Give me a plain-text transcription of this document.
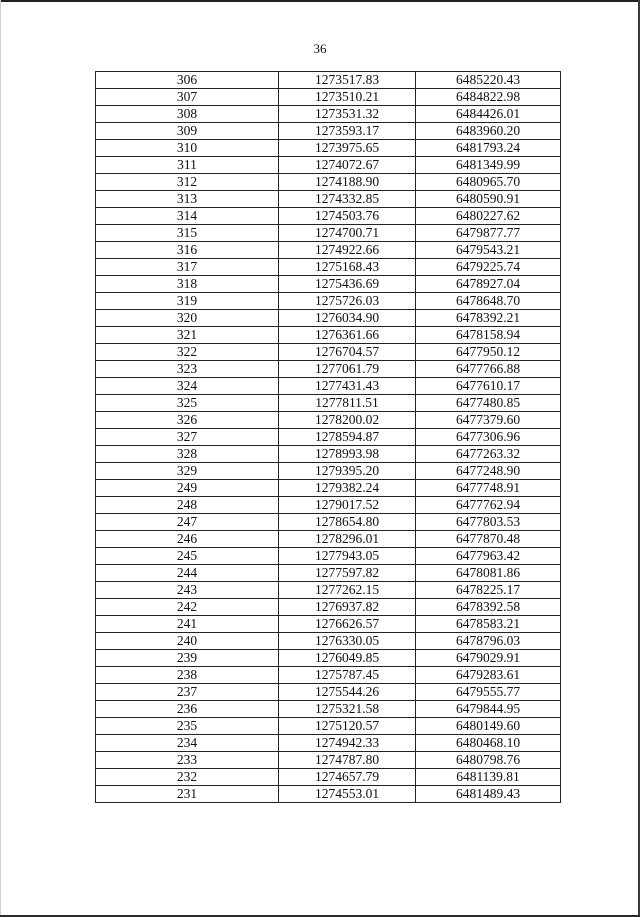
36
306	1273517.83	6485220.43
307	1273510.21	6484822.98
308	1273531.32	6484426.01
309	1273593.17	6483960.20
310	1273975.65	6481793.24
311	1274072.67	6481349.99
312	1274188.90	6480965.70
313	1274332.85	6480590.91
314	1274503.76	6480227.62
315	1274700.71	6479877.77
316	1274922.66	6479543.21
317	1275168.43	6479225.74
318	1275436.69	6478927.04
319	1275726.03	6478648.70
320	1276034.90	6478392.21
321	1276361.66	6478158.94
322	1276704.57	6477950.12
323	1277061.79	6477766.88
324	1277431.43	6477610.17
325	1277811.51	6477480.85
326	1278200.02	6477379.60
327	1278594.87	6477306.96
328	1278993.98	6477263.32
329	1279395.20	6477248.90
249	1279382.24	6477748.91
248	1279017.52	6477762.94
247	1278654.80	6477803.53
246	1278296.01	6477870.48
245	1277943.05	6477963.42
244	1277597.82	6478081.86
243	1277262.15	6478225.17
242	1276937.82	6478392.58
241	1276626.57	6478583.21
240	1276330.05	6478796.03
239	1276049.85	6479029.91
238	1275787.45	6479283.61
237	1275544.26	6479555.77
236	1275321.58	6479844.95
235	1275120.57	6480149.60
234	1274942.33	6480468.10
233	1274787.80	6480798.76
232	1274657.79	6481139.81
231	1274553.01	6481489.43
